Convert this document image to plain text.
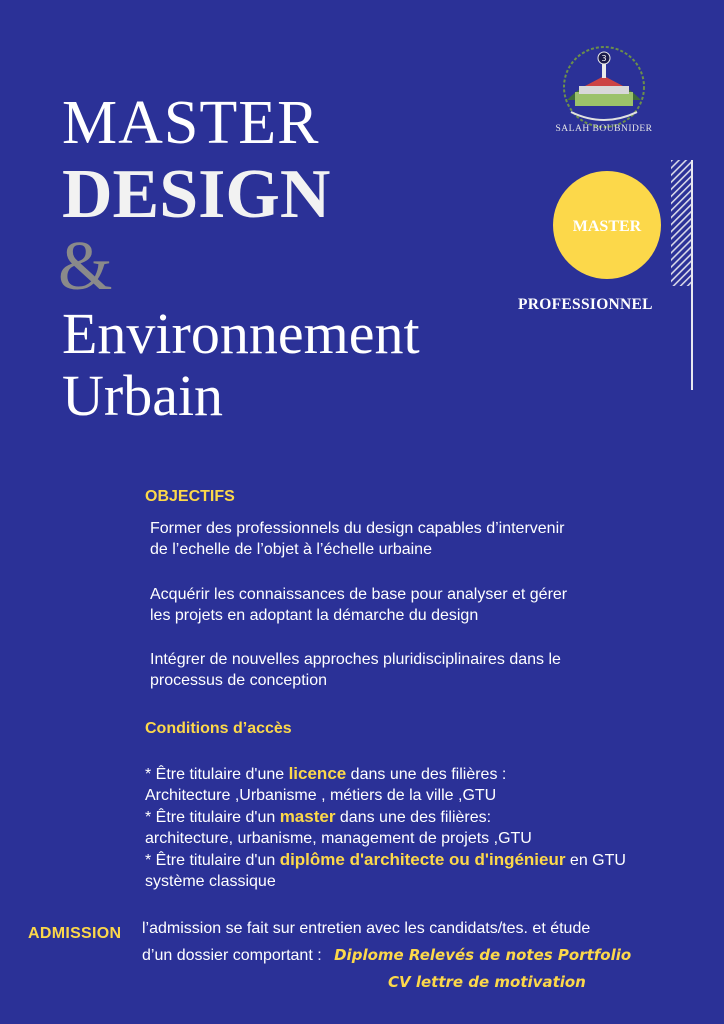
MASTER
DESIGN
&
Environnement
Urbain
3
SALAH BOUBNIDER
MASTER
PROFESSIONNEL
OBJECTIFS
Former des professionnels du design capables d’intervenir
de l’echelle de l’objet à l’échelle urbaine
Acquérir les connaissances de base pour analyser et gérer
les projets en adoptant la démarche du design
Intégrer de nouvelles approches pluridisciplinaires dans le
processus de conception
Conditions d’accès
* Être titulaire d'une licence dans une des filières :
Architecture ,Urbanisme , métiers de la ville ,GTU
* Être titulaire d'un master dans une des filières:
architecture, urbanisme, management de projets ,GTU
* Être titulaire d'un diplôme d'architecte ou d'ingénieur en GTU
système classique
ADMISSION l’admission se fait sur entretien avec les candidats/tes. et étude
d’un dossier comportant : Diplome Relevés de notes Portfolio
CV lettre de motivation
